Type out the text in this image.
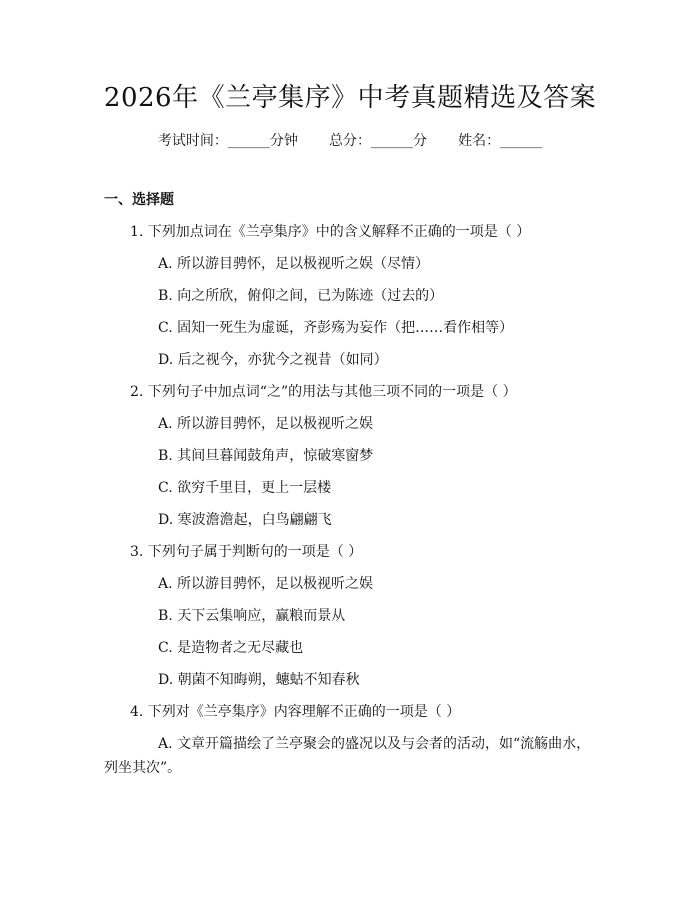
2026年《兰亭集序》中考真题精选及答案
考试时间：______分钟 总分：______分 姓名：______
一、选择题
1. 下列加点词在《兰亭集序》中的含义解释不正确的一项是（ ）
A. 所以游目骋怀，足以极视听之娱（尽情）
B. 向之所欣，俯仰之间，已为陈迹（过去的）
C. 固知一死生为虚诞，齐彭殇为妄作（把……看作相等）
D. 后之视今，亦犹今之视昔（如同）
2. 下列句子中加点词“之”的用法与其他三项不同的一项是（ ）
A. 所以游目骋怀，足以极视听之娱
B. 其间旦暮闻鼓角声，惊破寒窗梦
C. 欲穷千里目，更上一层楼
D. 寒波澹澹起，白鸟翩翩飞
3. 下列句子属于判断句的一项是（ ）
A. 所以游目骋怀，足以极视听之娱
B. 天下云集响应，赢粮而景从
C. 是造物者之无尽藏也
D. 朝菌不知晦朔，蟪蛄不知春秋
4. 下列对《兰亭集序》内容理解不正确的一项是（ ）
A. 文章开篇描绘了兰亭聚会的盛况以及与会者的活动，如“流觞曲水，列坐其次”。
